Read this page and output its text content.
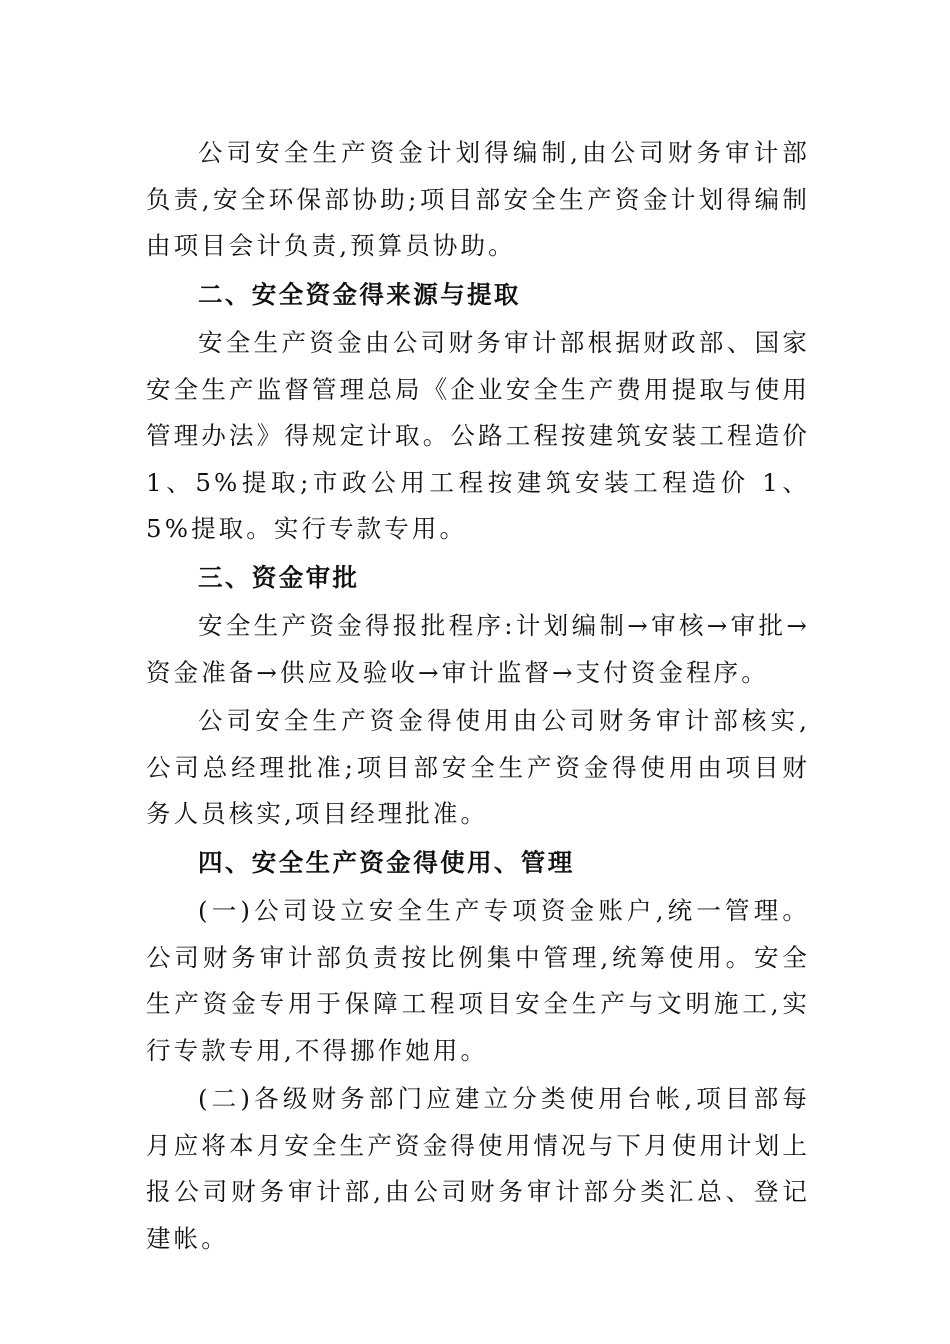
公司安全生产资金计划得编制,由公司财务审计部负责,安全环保部协助;项目部安全生产资金计划得编制由项目会计负责,预算员协助。

二、安全资金得来源与提取

安全生产资金由公司财务审计部根据财政部、国家安全生产监督管理总局《企业安全生产费用提取与使用管理办法》得规定计取。公路工程按建筑安装工程造价 1、5%提取;市政公用工程按建筑安装工程造价 1、5%提取。实行专款专用。

三、资金审批

安全生产资金得报批程序:计划编制→审核→审批→资金准备→供应及验收→审计监督→支付资金程序。

公司安全生产资金得使用由公司财务审计部核实,公司总经理批准;项目部安全生产资金得使用由项目财务人员核实,项目经理批准。

四、安全生产资金得使用、管理

(一)公司设立安全生产专项资金账户,统一管理。公司财务审计部负责按比例集中管理,统筹使用。安全生产资金专用于保障工程项目安全生产与文明施工,实行专款专用,不得挪作她用。

(二)各级财务部门应建立分类使用台帐,项目部每月应将本月安全生产资金得使用情况与下月使用计划上报公司财务审计部,由公司财务审计部分类汇总、登记建帐。
